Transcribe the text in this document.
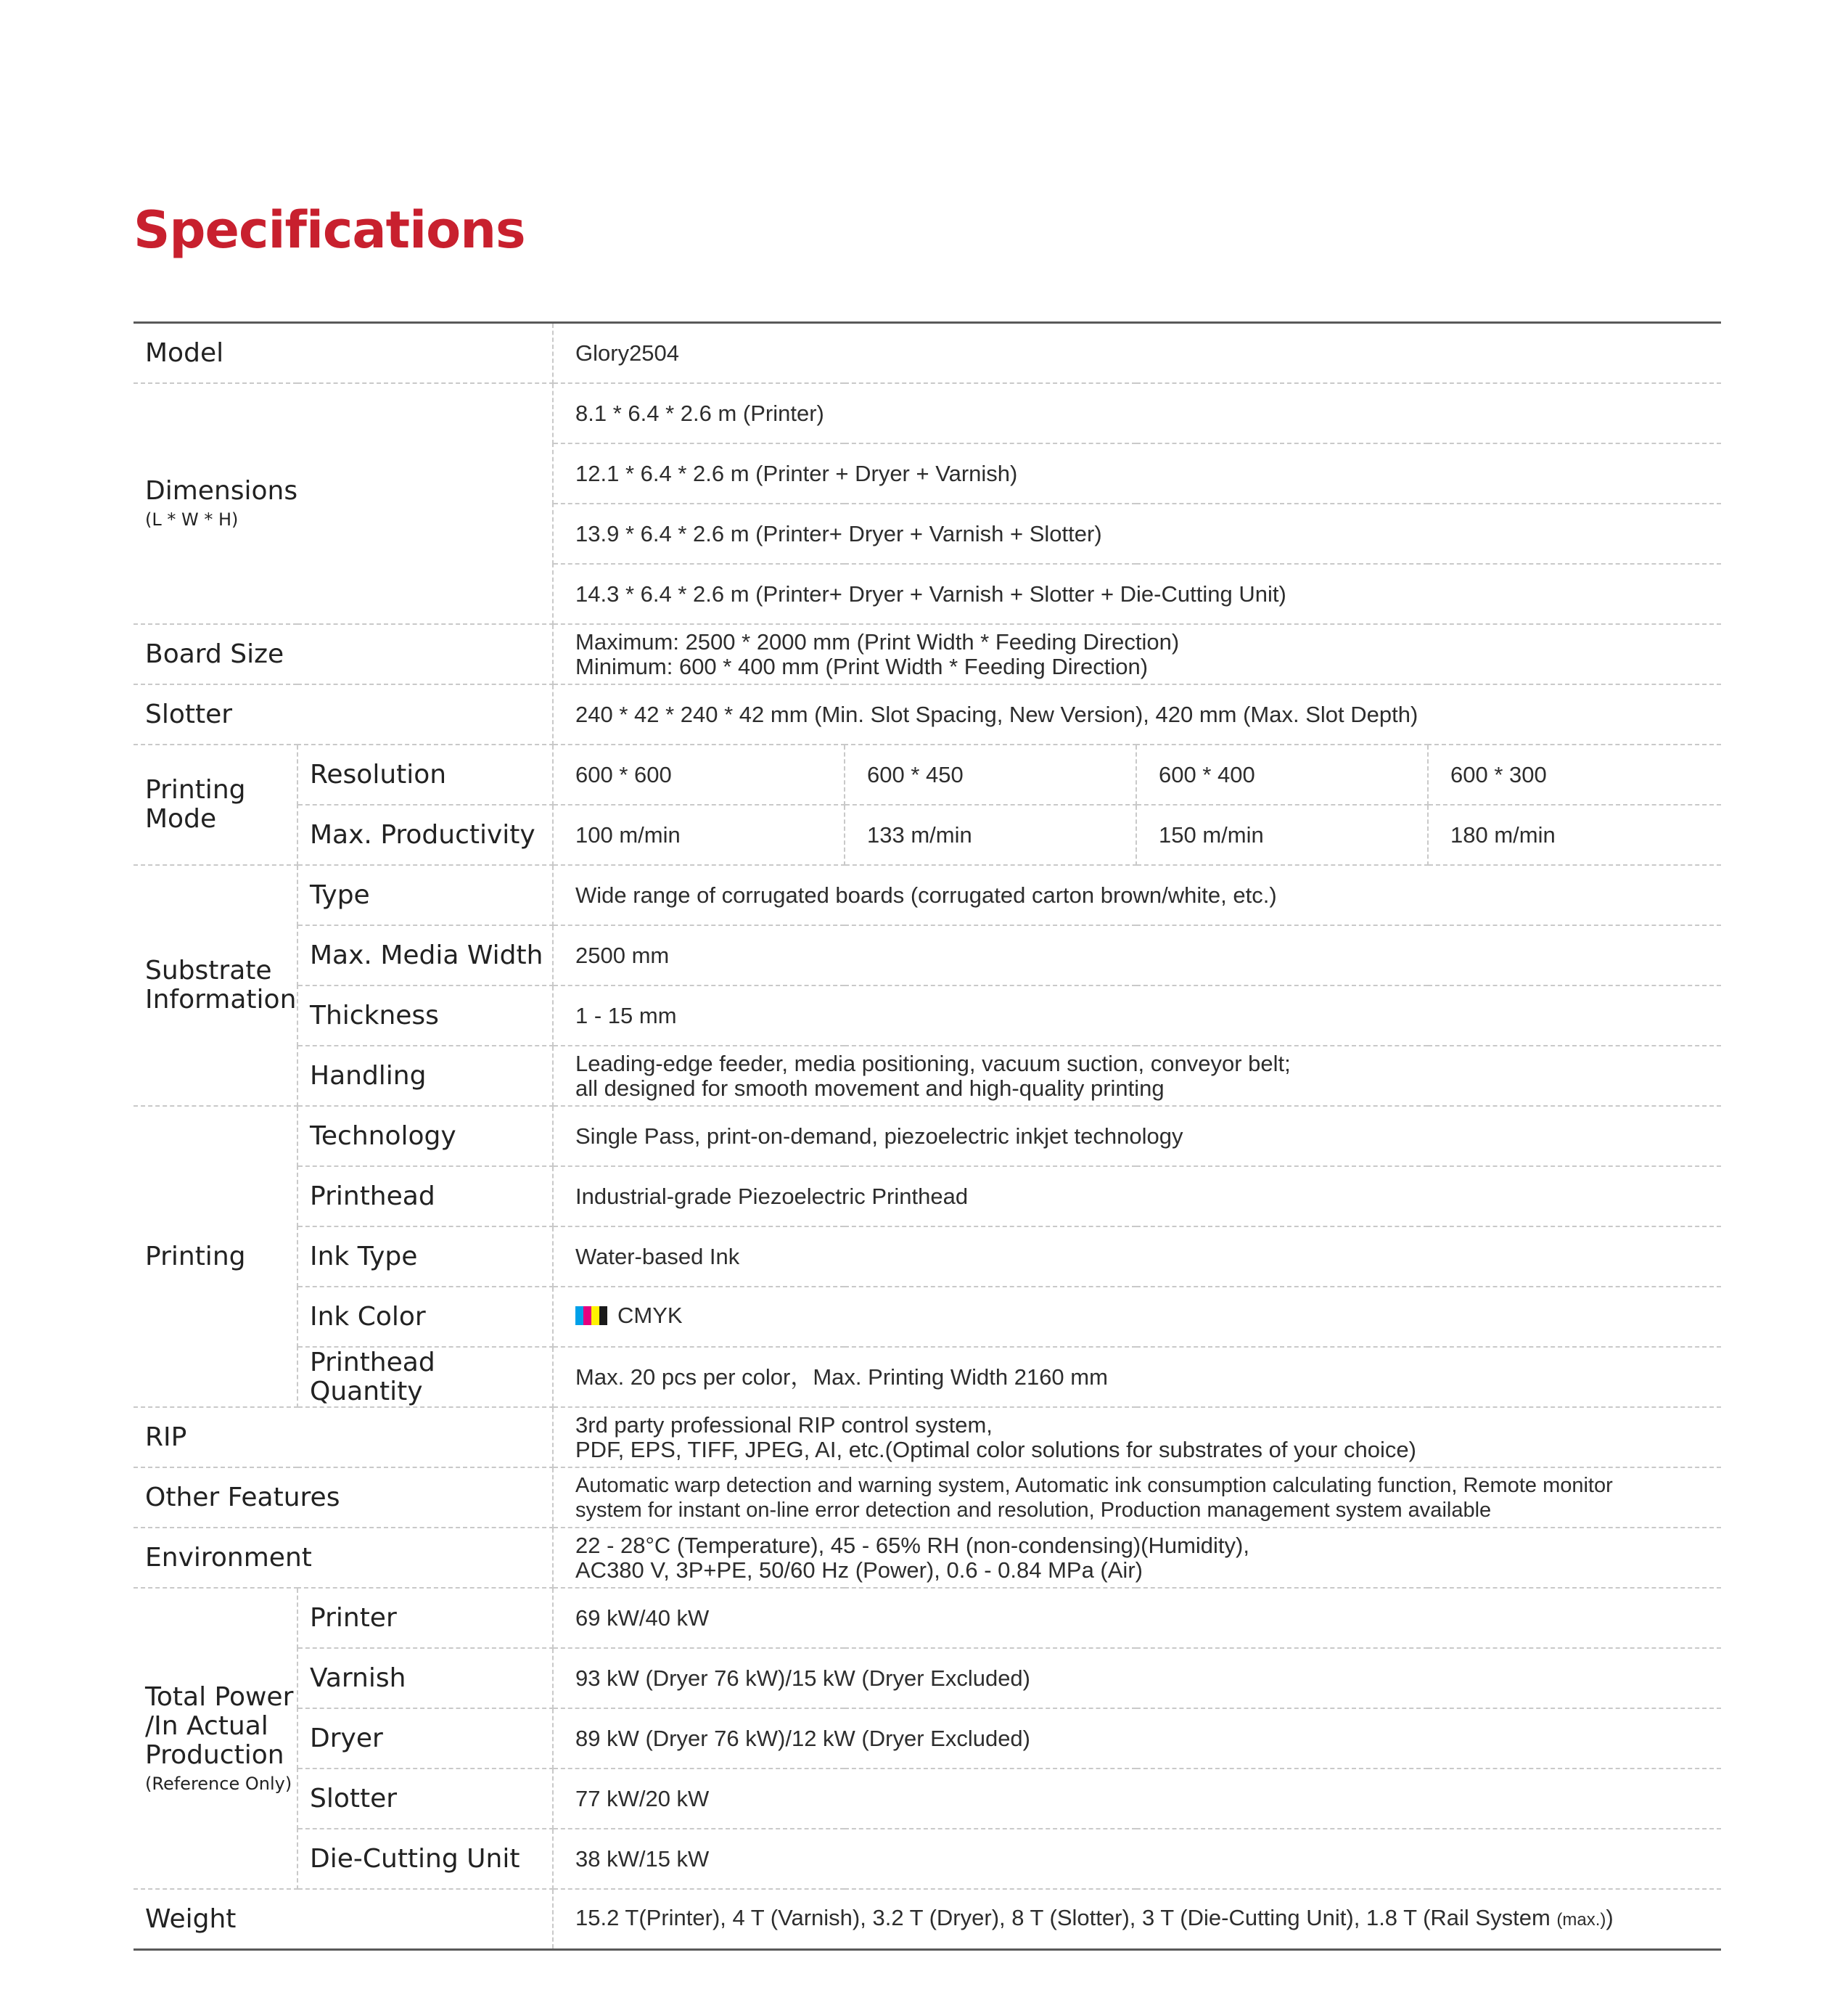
Specifications
Model		Glory2504			

Dimensions
(L * W * H)		8.1 * 6.4 * 2.6 m (Printer)			
		12.1 * 6.4 * 2.6 m (Printer + Dryer + Varnish)			
		13.9 * 6.4 * 2.6 m (Printer+ Dryer + Varnish + Slotter)			
		14.3 * 6.4 * 2.6 m (Printer+ Dryer + Varnish + Slotter + Die-Cutting Unit)			
Board Size		Maximum: 2500 * 2000 mm (Print Width * Feeding Direction)
Minimum: 600 * 400 mm (Print Width * Feeding Direction)			

Slotter		240 * 42 * 240 * 42 mm (Min. Slot Spacing, New Version), 420 mm (Max. Slot Depth)			

Printing
Mode	Resolution	600 * 600	600 * 450	600 * 400	600 * 300
	Max. Productivity	100 m/min	133 m/min	150 m/min	180 m/min

Substrate
Information	Type	Wide range of corrugated boards (corrugated carton brown/white, etc.)			
	Max. Media Width	2500 mm			
	Thickness	1 - 15 mm			
	Handling	Leading-edge feeder, media positioning, vacuum suction, conveyor belt;
all designed for smooth movement and high-quality printing			

Printing	Technology	Single Pass, print-on-demand, piezoelectric inkjet technology			
	Printhead	Industrial-grade Piezoelectric Printhead			
	Ink Type	Water-based Ink			
	Ink Color	CMYK			
	Printhead Quantity	Max. 20 pcs per color，Max. Printing Width 2160 mm			
RIP		3rd party professional RIP control system,
PDF, EPS, TIFF, JPEG, AI, etc.(Optimal color solutions for substrates of your choice)			

Other Features		Automatic warp detection and warning system, Automatic ink consumption calculating function, Remote monitor
system for instant on-line error detection and resolution, Production management system available			

Environment		22 - 28°C (Temperature), 45 - 65% RH (non-condensing)(Humidity),
AC380 V, 3P+PE, 50/60 Hz (Power), 0.6 - 0.84 MPa (Air)			

Total Power
/In Actual
Production
(Reference Only)	Printer	69 kW/40 kW			
	Varnish	93 kW (Dryer 76 kW)/15 kW (Dryer Excluded)			
	Dryer	89 kW (Dryer 76 kW)/12 kW (Dryer Excluded)			
	Slotter	77 kW/20 kW			
	Die-Cutting Unit	38 kW/15 kW			
Weight		15.2 T(Printer), 4 T (Varnish), 3.2 T (Dryer), 8 T (Slotter), 3 T (Die-Cutting Unit), 1.8 T (Rail System (max.))			
